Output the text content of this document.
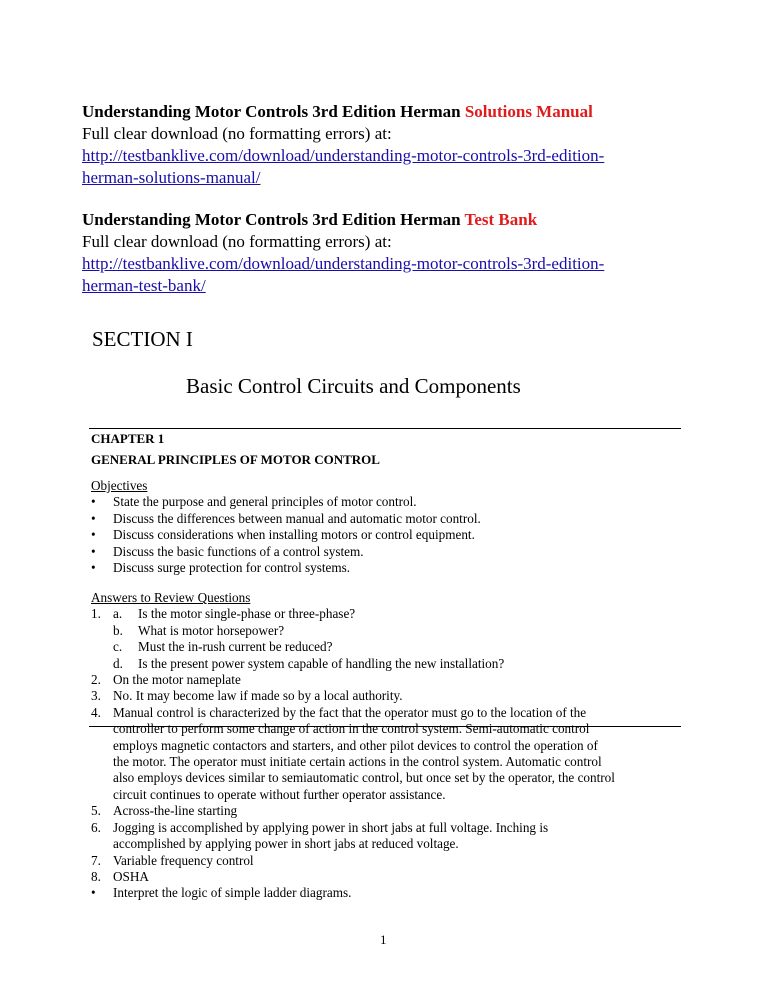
Understanding Motor Controls 3rd Edition Herman Solutions Manual
Full clear download (no formatting errors) at:
http://testbanklive.com/download/understanding-motor-controls-3rd-edition-
herman-solutions-manual/
Understanding Motor Controls 3rd Edition Herman Test Bank
Full clear download (no formatting errors) at:
http://testbanklive.com/download/understanding-motor-controls-3rd-edition-
herman-test-bank/
SECTION I
Basic Control Circuits and Components
CHAPTER 1
GENERAL PRINCIPLES OF MOTOR CONTROL
Objectives
•	State the purpose and general principles of motor control.
•	Discuss the differences between manual and automatic motor control.
•	Discuss considerations when installing motors or control equipment.
•	Discuss the basic functions of a control system.
•	Discuss surge protection for control systems.
Answers to Review Questions
1. a.	Is the motor single-phase or three-phase?
b.	What is motor horsepower?
c.	Must the in-rush current be reduced?
d.	Is the present power system capable of handling the new installation?
2. On the motor nameplate
3. No. It may become law if made so by a local authority.
4. Manual control is characterized by the fact that the operator must go to the location of the
controller to perform some change of action in the control system. Semi-automatic control
employs magnetic contactors and starters, and other pilot devices to control the operation of
the motor. The operator must initiate certain actions in the control system. Automatic control
also employs devices similar to semiautomatic control, but once set by the operator, the control
circuit continues to operate without further operator assistance.
5. Across-the-line starting
6. Jogging is accomplished by applying power in short jabs at full voltage. Inching is
accomplished by applying power in short jabs at reduced voltage.
7. Variable frequency control
8. OSHA
•	Interpret the logic of simple ladder diagrams.
1
